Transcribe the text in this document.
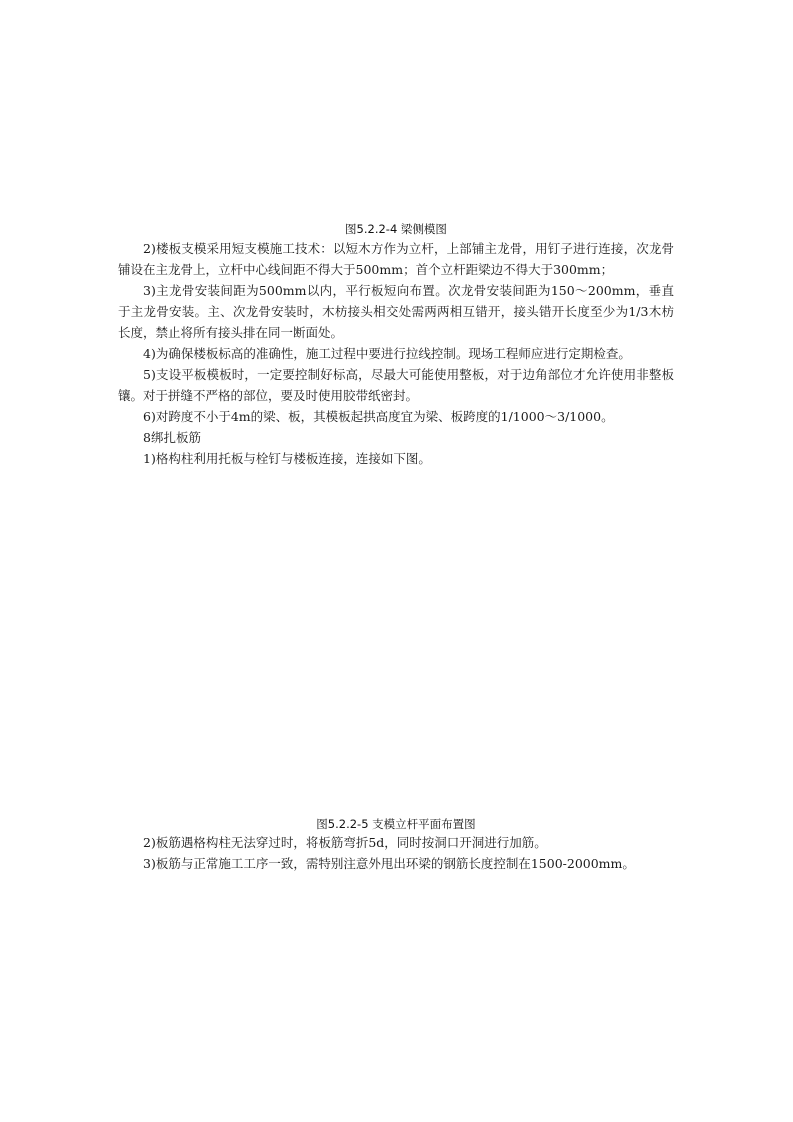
图5.2.2-4 梁侧模图

2)楼板支模采用短支模施工技术：以短木方作为立杆，上部铺主龙骨，用钉子进行连接，次龙骨铺设在主龙骨上，立杆中心线间距不得大于500mm；首个立杆距梁边不得大于300mm；

3)主龙骨安装间距为500mm以内，平行板短向布置。次龙骨安装间距为150～200mm，垂直于主龙骨安装。主、次龙骨安装时，木枋接头相交处需两两相互错开，接头错开长度至少为1/3木枋长度，禁止将所有接头排在同一断面处。

4)为确保楼板标高的准确性，施工过程中要进行拉线控制。现场工程师应进行定期检查。

5)支设平板模板时，一定要控制好标高，尽最大可能使用整板，对于边角部位才允许使用非整板镶。对于拼缝不严格的部位，要及时使用胶带纸密封。

6)对跨度不小于4m的梁、板，其模板起拱高度宜为梁、板跨度的1/1000～3/1000。

8绑扎板筋

1)格构柱利用托板与栓钉与楼板连接，连接如下图。

图5.2.2-5 支模立杆平面布置图

2)板筋遇格构柱无法穿过时，将板筋弯折5d，同时按洞口开洞进行加筋。

3)板筋与正常施工工序一致，需特别注意外甩出环梁的钢筋长度控制在1500-2000mm。
